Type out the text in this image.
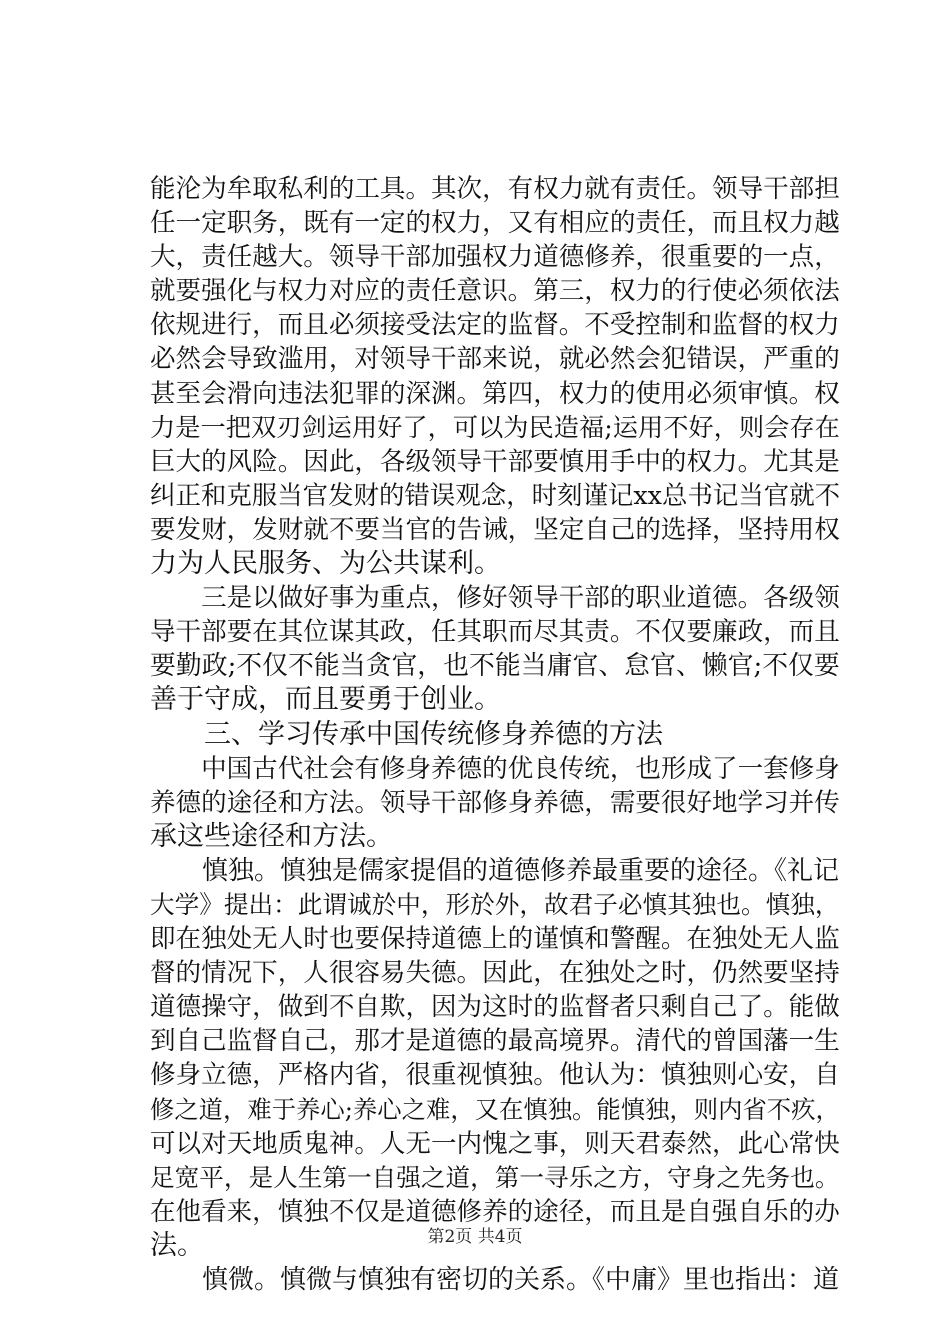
能沦为牟取私利的工具。其次，有权力就有责任。领导干部担
任一定职务，既有一定的权力，又有相应的责任，而且权力越
大，责任越大。领导干部加强权力道德修养，很重要的一点，
就要强化与权力对应的责任意识。第三，权力的行使必须依法
依规进行，而且必须接受法定的监督。不受控制和监督的权力
必然会导致滥用，对领导干部来说，就必然会犯错误，严重的
甚至会滑向违法犯罪的深渊。第四，权力的使用必须审慎。权
力是一把双刃剑运用好了，可以为民造福;运用不好，则会存在
巨大的风险。因此，各级领导干部要慎用手中的权力。尤其是
纠正和克服当官发财的错误观念，时刻谨记xx总书记当官就不
要发财，发财就不要当官的告诫，坚定自己的选择，坚持用权
力为人民服务、为公共谋利。
　　三是以做好事为重点，修好领导干部的职业道德。各级领
导干部要在其位谋其政，任其职而尽其责。不仅要廉政，而且
要勤政;不仅不能当贪官，也不能当庸官、怠官、懒官;不仅要
善于守成，而且要勇于创业。
　　三、学习传承中国传统修身养德的方法
　　中国古代社会有修身养德的优良传统，也形成了一套修身
养德的途径和方法。领导干部修身养德，需要很好地学习并传
承这些途径和方法。
　　慎独。慎独是儒家提倡的道德修养最重要的途径。《礼记
大学》提出：此谓诚於中，形於外，故君子必慎其独也。慎独，
即在独处无人时也要保持道德上的谨慎和警醒。在独处无人监
督的情况下，人很容易失德。因此，在独处之时，仍然要坚持
道德操守，做到不自欺，因为这时的监督者只剩自己了。能做
到自己监督自己，那才是道德的最高境界。清代的曾国藩一生
修身立德，严格内省，很重视慎独。他认为：慎独则心安，自
修之道，难于养心;养心之难，又在慎独。能慎独，则内省不疚，
可以对天地质鬼神。人无一内愧之事，则天君泰然，此心常快
足宽平，是人生第一自强之道，第一寻乐之方，守身之先务也。
在他看来，慎独不仅是道德修养的途径，而且是自强自乐的办
法。
　　慎微。慎微与慎独有密切的关系。《中庸》里也指出：道
第2页 共4页
